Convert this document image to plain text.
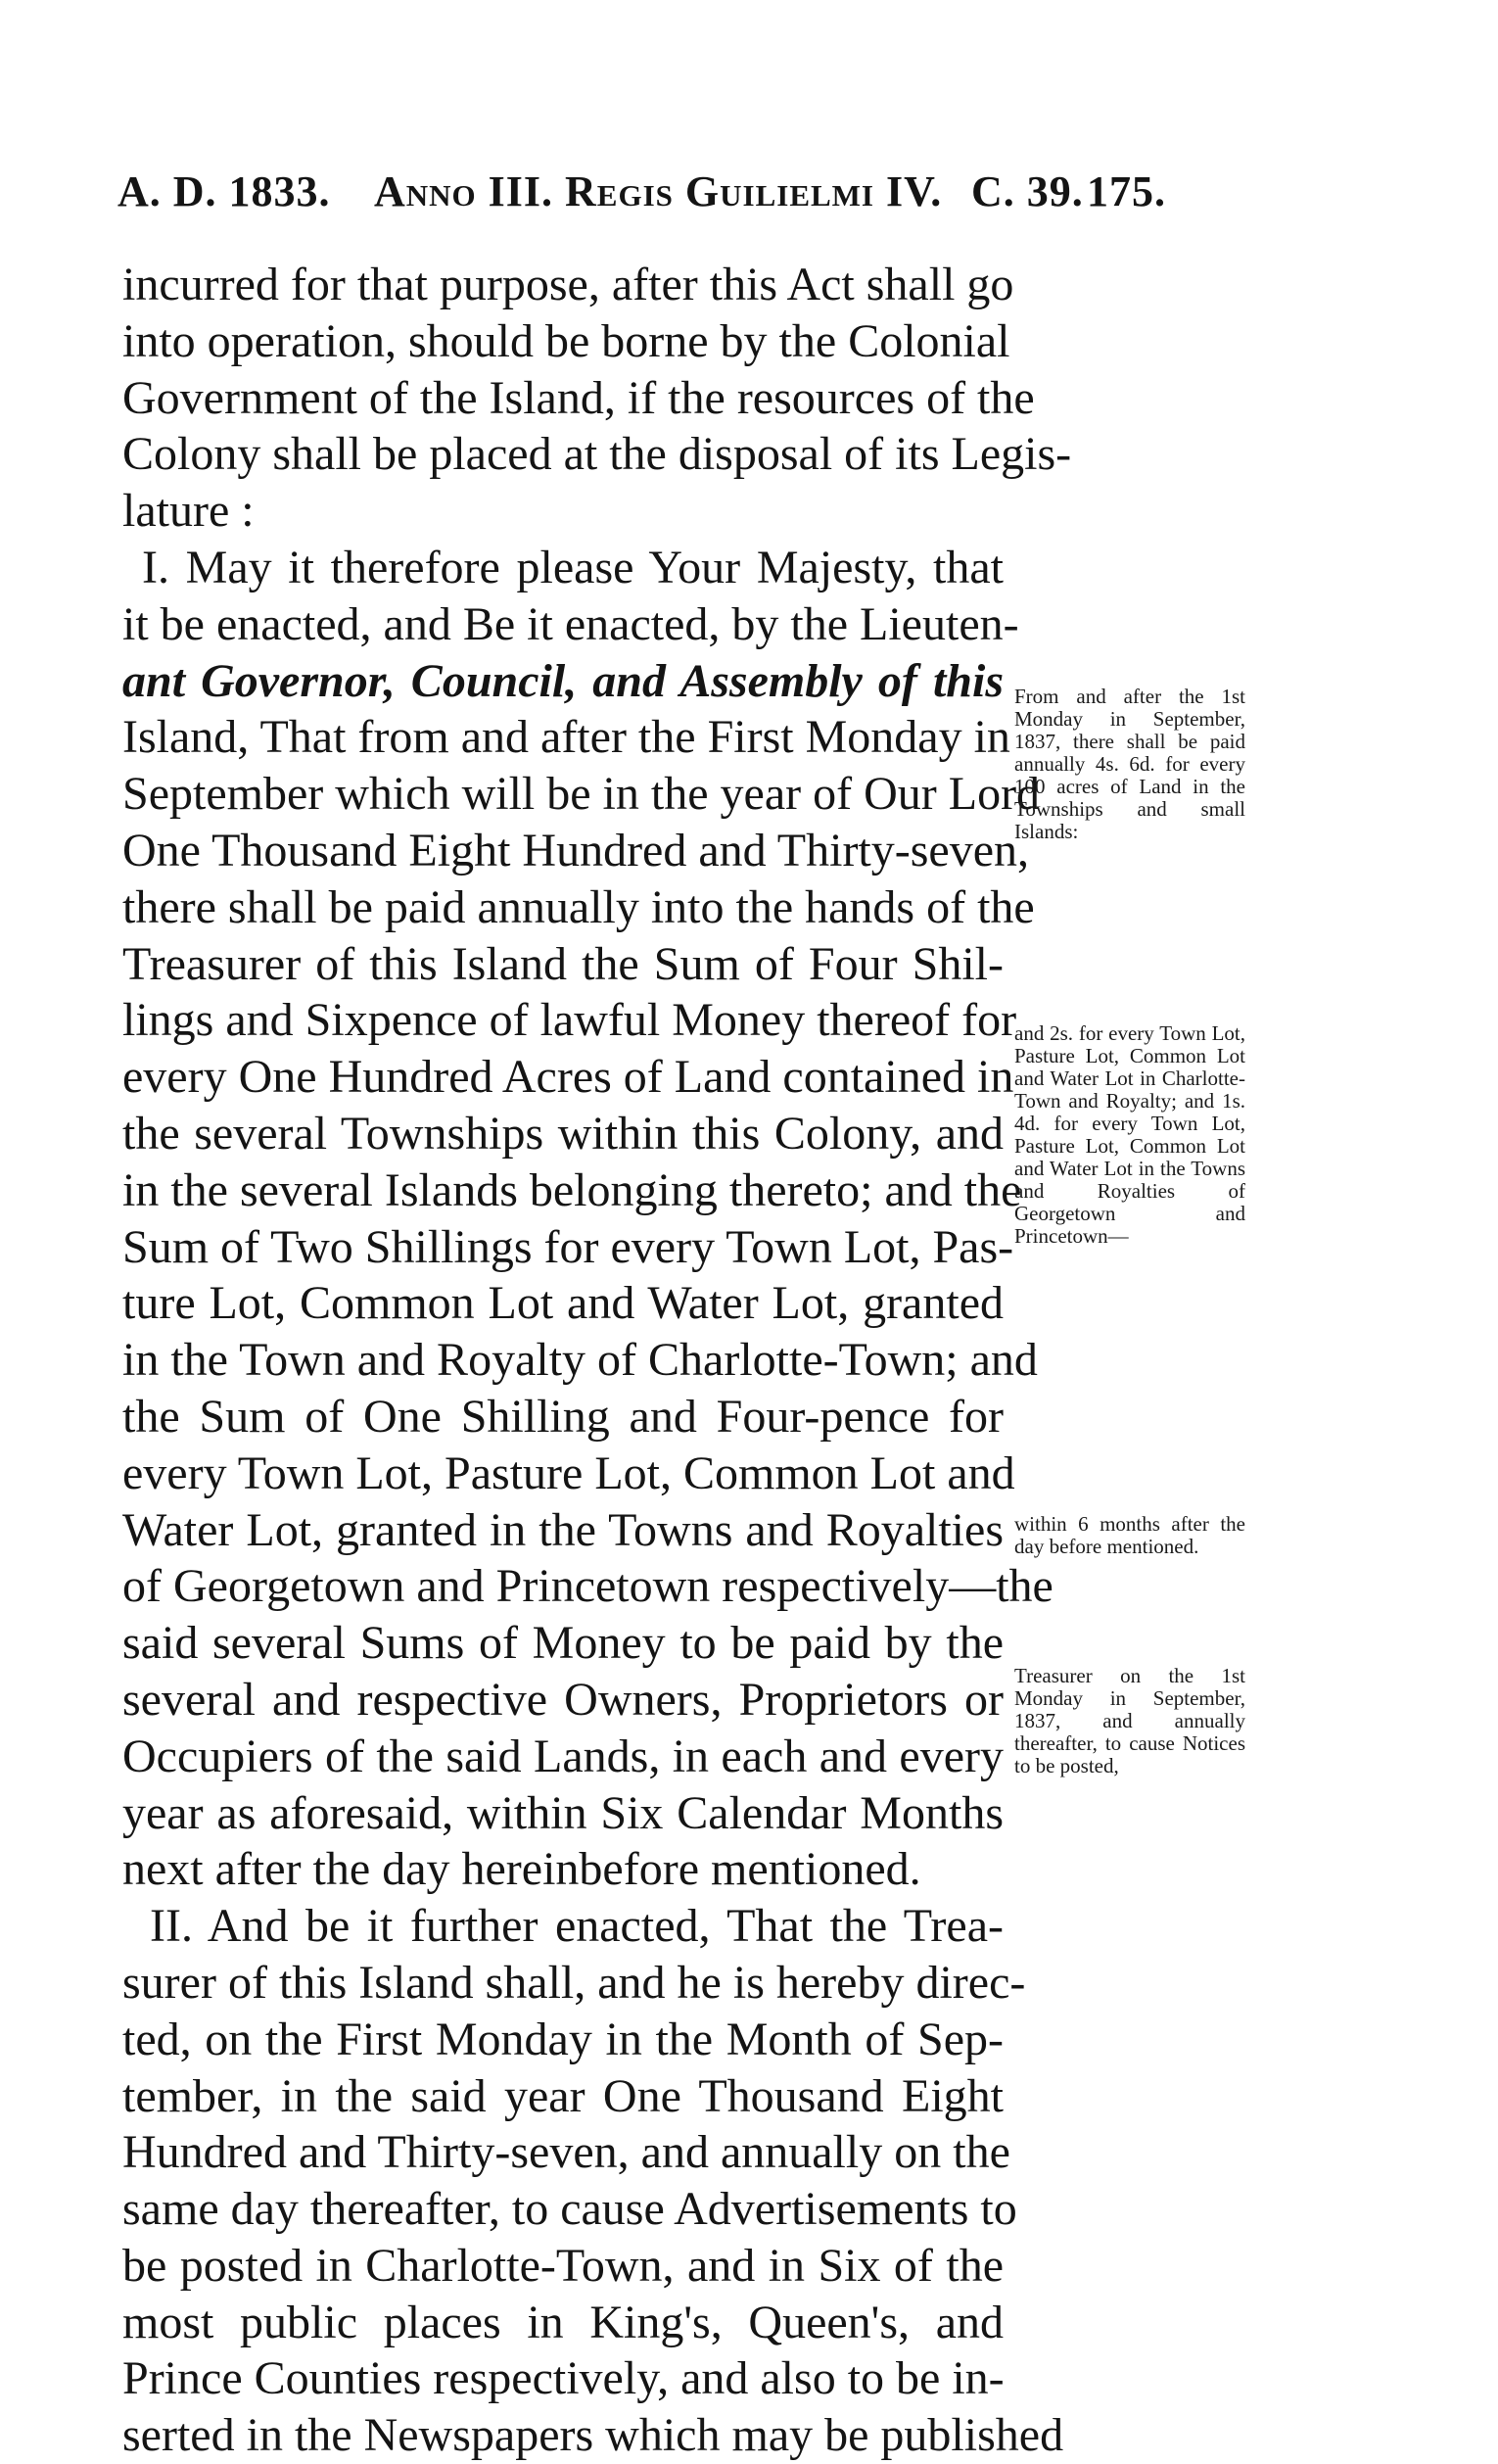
A. D. 1833. Anno III. Regis Guilielmi IV. C. 39. 175.
incurred for that purpose, after this Act shall go
into operation, should be borne by the Colonial
Government of the Island, if the resources of the
Colony shall be placed at the disposal of its Legis-
lature :
I. May it therefore please Your Majesty, that
it be enacted, and Be it enacted, by the Lieuten-
ant Governor, Council, and Assembly of this
Island, That from and after the First Monday in
September which will be in the year of Our Lord
One Thousand Eight Hundred and Thirty-seven,
there shall be paid annually into the hands of the
Treasurer of this Island the Sum of Four Shil-
lings and Sixpence of lawful Money thereof for
every One Hundred Acres of Land contained in
the several Townships within this Colony, and
in the several Islands belonging thereto; and the
Sum of Two Shillings for every Town Lot, Pas-
ture Lot, Common Lot and Water Lot, granted
in the Town and Royalty of Charlotte-Town; and
the Sum of One Shilling and Four-pence for
every Town Lot, Pasture Lot, Common Lot and
Water Lot, granted in the Towns and Royalties
of Georgetown and Princetown respectively—the
said several Sums of Money to be paid by the
several and respective Owners, Proprietors or
Occupiers of the said Lands, in each and every
year as aforesaid, within Six Calendar Months
next after the day hereinbefore mentioned.
II. And be it further enacted, That the Trea-
surer of this Island shall, and he is hereby direc-
ted, on the First Monday in the Month of Sep-
tember, in the said year One Thousand Eight
Hundred and Thirty-seven, and annually on the
same day thereafter, to cause Advertisements to
be posted in Charlotte-Town, and in Six of the
most public places in King's, Queen's, and
Prince Counties respectively, and also to be in-
serted in the Newspapers which may be published
From and after the 1st Monday in September, 1837, there shall be paid annually 4s. 6d. for every 100 acres of Land in the Townships and small Islands:
and 2s. for every Town Lot, Pasture Lot, Common Lot and Water Lot in Charlotte-Town and Royalty; and 1s. 4d. for every Town Lot, Pasture Lot, Common Lot and Water Lot in the Towns and Royalties of Georgetown and Princetown—
within 6 months after the day before mentioned.
Treasurer on the 1st Monday in September, 1837, and annually thereafter, to cause Notices to be posted,
